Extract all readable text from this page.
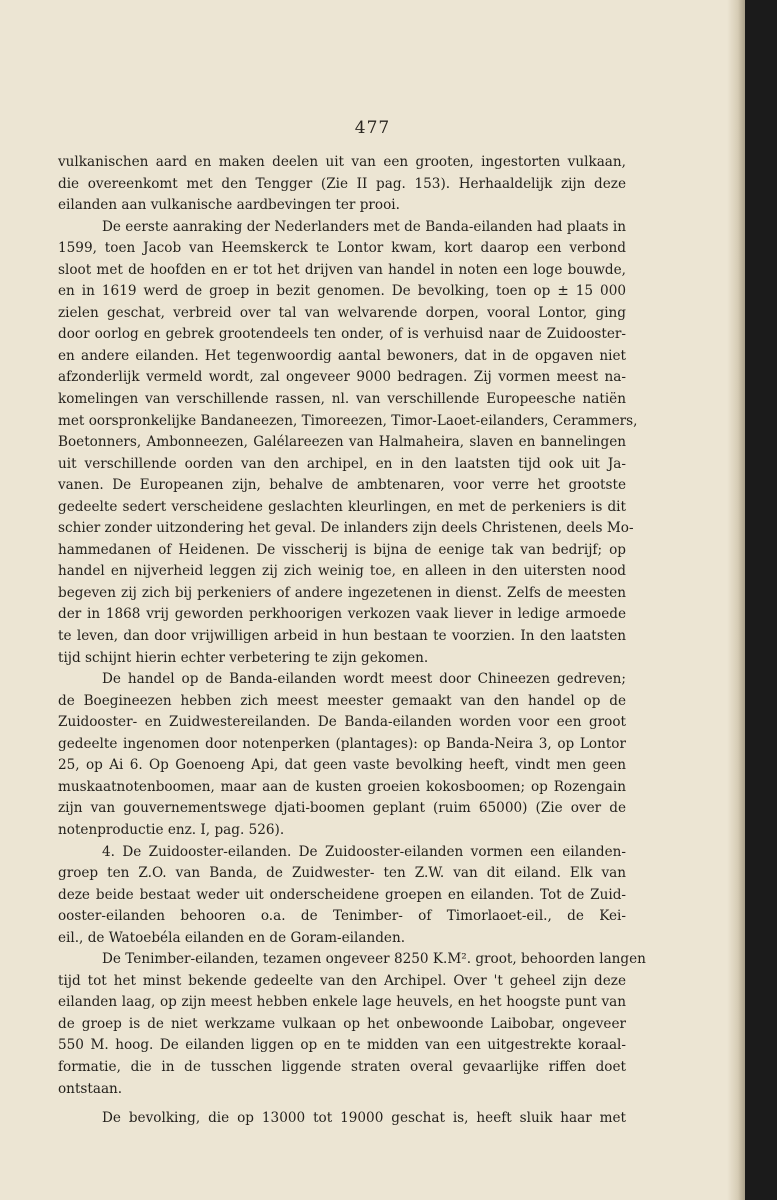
477
vulkanischen aard en maken deelen uit van een grooten, ingestorten vulkaan,
die overeenkomt met den Tengger (Zie II pag. 153). Herhaaldelijk zijn deze
eilanden aan vulkanische aardbevingen ter prooi.
De eerste aanraking der Nederlanders met de Banda-eilanden had plaats in
1599, toen Jacob van Heemskerck te Lontor kwam, kort daarop een verbond
sloot met de hoofden en er tot het drijven van handel in noten een loge bouwde,
en in 1619 werd de groep in bezit genomen. De bevolking, toen op ± 15 000
zielen geschat, verbreid over tal van welvarende dorpen, vooral Lontor, ging
door oorlog en gebrek grootendeels ten onder, of is verhuisd naar de Zuidooster-
en andere eilanden. Het tegenwoordig aantal bewoners, dat in de opgaven niet
afzonderlijk vermeld wordt, zal ongeveer 9000 bedragen. Zij vormen meest na-
komelingen van verschillende rassen, nl. van verschillende Europeesche natiën
met oorspronkelijke Bandaneezen, Timoreezen, Timor-Laoet-eilanders, Cerammers,
Boetonners, Ambonneezen, Galélareezen van Halmaheira, slaven en bannelingen
uit verschillende oorden van den archipel, en in den laatsten tijd ook uit Ja-
vanen. De Europeanen zijn, behalve de ambtenaren, voor verre het grootste
gedeelte sedert verscheidene geslachten kleurlingen, en met de perkeniers is dit
schier zonder uitzondering het geval. De inlanders zijn deels Christenen, deels Mo-
hammedanen of Heidenen. De visscherij is bijna de eenige tak van bedrijf; op
handel en nijverheid leggen zij zich weinig toe, en alleen in den uitersten nood
begeven zij zich bij perkeniers of andere ingezetenen in dienst. Zelfs de meesten
der in 1868 vrij geworden perkhoorigen verkozen vaak liever in ledige armoede
te leven, dan door vrijwilligen arbeid in hun bestaan te voorzien. In den laatsten
tijd schijnt hierin echter verbetering te zijn gekomen.
De handel op de Banda-eilanden wordt meest door Chineezen gedreven;
de Boegineezen hebben zich meest meester gemaakt van den handel op de
Zuidooster- en Zuidwestereilanden. De Banda-eilanden worden voor een groot
gedeelte ingenomen door notenperken (plantages): op Banda-Neira 3, op Lontor
25, op Ai 6. Op Goenoeng Api, dat geen vaste bevolking heeft, vindt men geen
muskaatnotenboomen, maar aan de kusten groeien kokosboomen; op Rozengain
zijn van gouvernementswege djati-boomen geplant (ruim 65000) (Zie over de
notenproductie enz. I, pag. 526).
4. De Zuidooster-eilanden. De Zuidooster-eilanden vormen een eilanden-
groep ten Z.O. van Banda, de Zuidwester- ten Z.W. van dit eiland. Elk van
deze beide bestaat weder uit onderscheidene groepen en eilanden. Tot de Zuid-
ooster-eilanden behooren o.a. de Tenimber- of Timorlaoet-eil., de Kei-
eil., de Watoebéla eilanden en de Goram-eilanden.
De Tenimber-eilanden, tezamen ongeveer 8250 K.M². groot, behoorden langen
tijd tot het minst bekende gedeelte van den Archipel. Over 't geheel zijn deze
eilanden laag, op zijn meest hebben enkele lage heuvels, en het hoogste punt van
de groep is de niet werkzame vulkaan op het onbewoonde Laibobar, ongeveer
550 M. hoog. De eilanden liggen op en te midden van een uitgestrekte koraal-
formatie, die in de tusschen liggende straten overal gevaarlijke riffen doet
ontstaan.
De bevolking, die op 13000 tot 19000 geschat is, heeft sluik haar met
